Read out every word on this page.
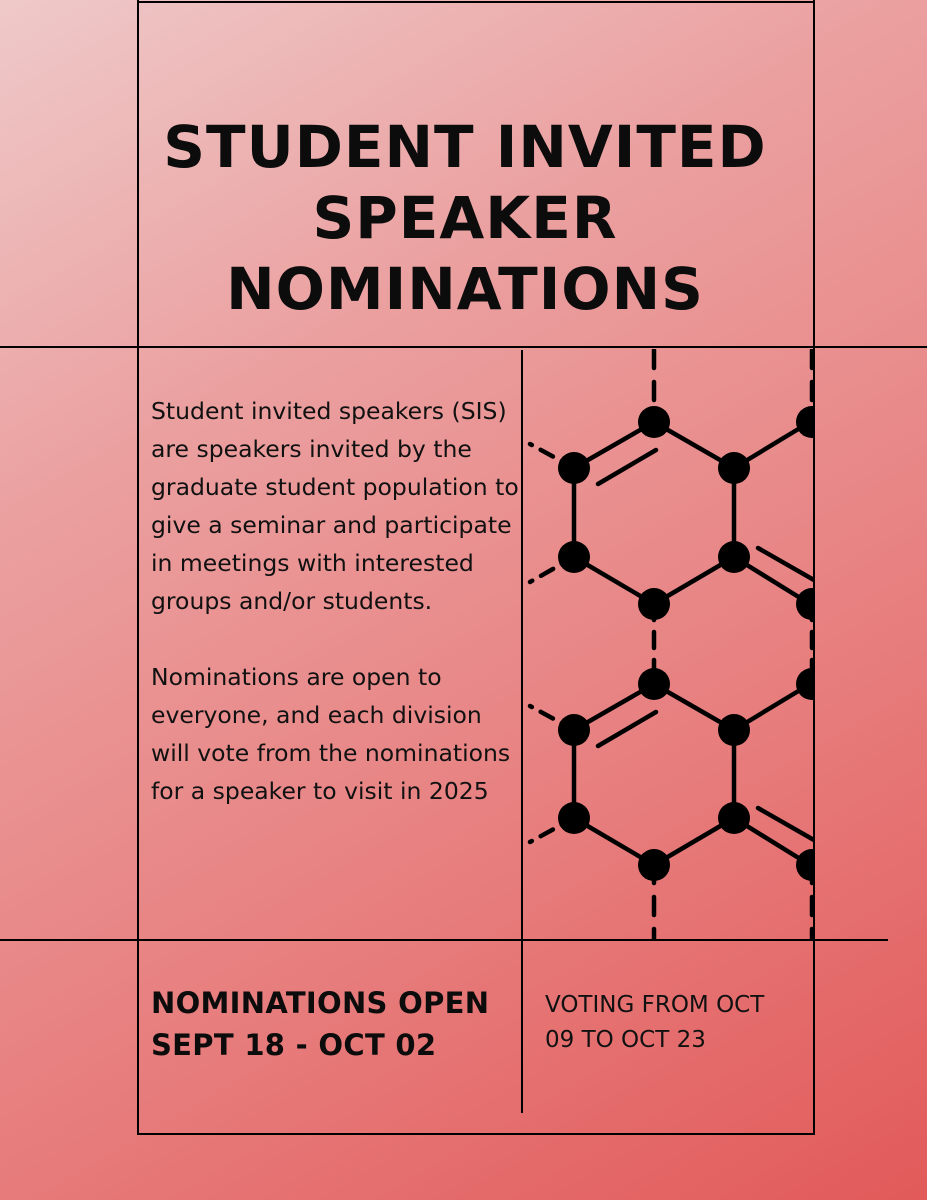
STUDENT INVITED SPEAKER NOMINATIONS

Student invited speakers (SIS) are speakers invited by the graduate student population to give a seminar and participate in meetings with interested groups and/or students.

Nominations are open to everyone, and each division will vote from the nominations for a speaker to visit in 2025

NOMINATIONS OPEN SEPT 18 - OCT 02
VOTING FROM OCT 09 TO OCT 23
